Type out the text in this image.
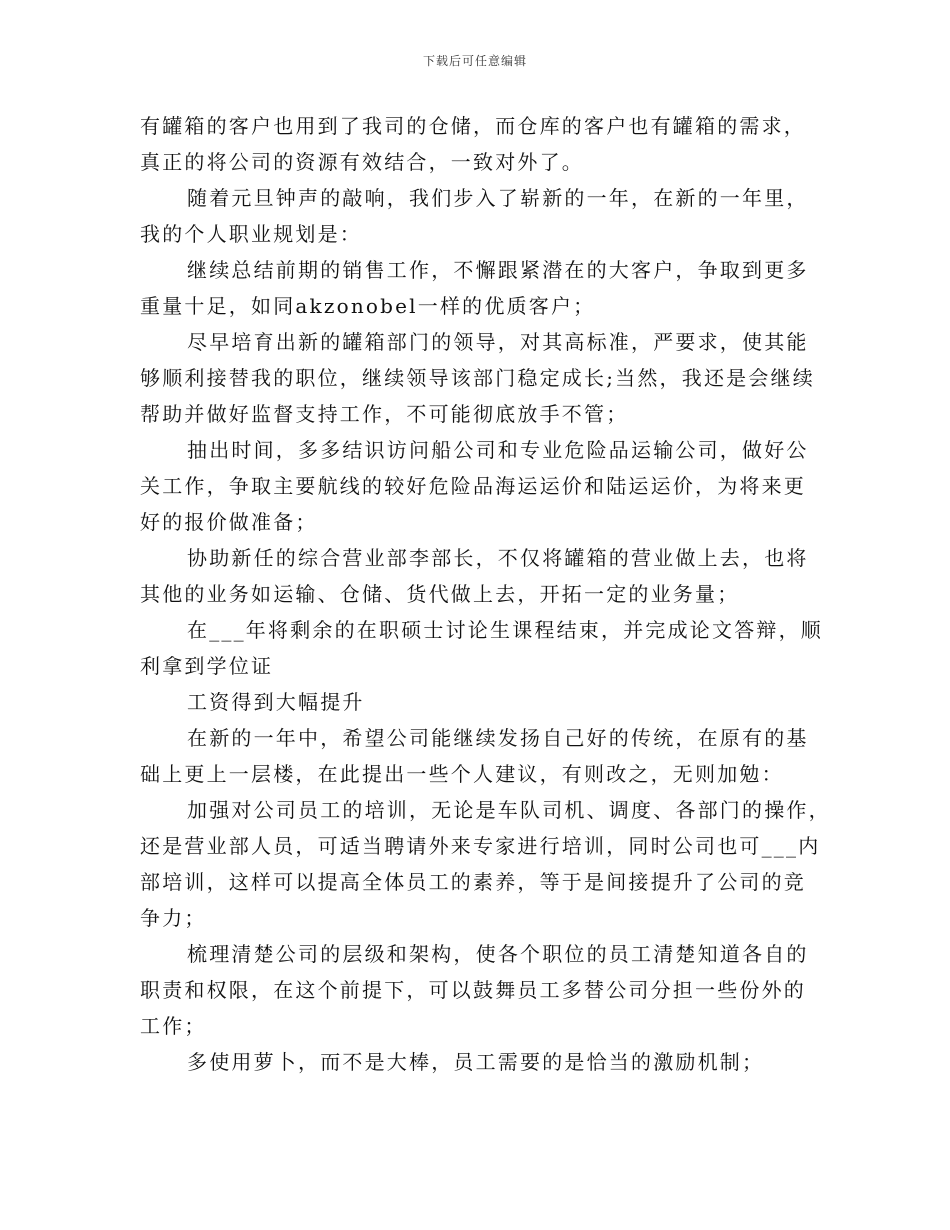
下载后可任意编辑
有罐箱的客户也用到了我司的仓储，而仓库的客户也有罐箱的需求，
真正的将公司的资源有效结合，一致对外了。
随着元旦钟声的敲响，我们步入了崭新的一年，在新的一年里，
我的个人职业规划是：
继续总结前期的销售工作，不懈跟紧潜在的大客户，争取到更多
重量十足，如同akzonobel一样的优质客户；
尽早培育出新的罐箱部门的领导，对其高标准，严要求，使其能
够顺利接替我的职位，继续领导该部门稳定成长;当然，我还是会继续
帮助并做好监督支持工作，不可能彻底放手不管；
抽出时间，多多结识访问船公司和专业危险品运输公司，做好公
关工作，争取主要航线的较好危险品海运运价和陆运运价，为将来更
好的报价做准备；
协助新任的综合营业部李部长，不仅将罐箱的营业做上去，也将
其他的业务如运输、仓储、货代做上去，开拓一定的业务量；
在___年将剩余的在职硕士讨论生课程结束，并完成论文答辩，顺
利拿到学位证
工资得到大幅提升
在新的一年中，希望公司能继续发扬自己好的传统，在原有的基
础上更上一层楼，在此提出一些个人建议，有则改之，无则加勉：
加强对公司员工的培训，无论是车队司机、调度、各部门的操作，
还是营业部人员，可适当聘请外来专家进行培训，同时公司也可___内
部培训，这样可以提高全体员工的素养，等于是间接提升了公司的竞
争力；
梳理清楚公司的层级和架构，使各个职位的员工清楚知道各自的
职责和权限，在这个前提下，可以鼓舞员工多替公司分担一些份外的
工作；
多使用萝卜，而不是大棒，员工需要的是恰当的激励机制；
